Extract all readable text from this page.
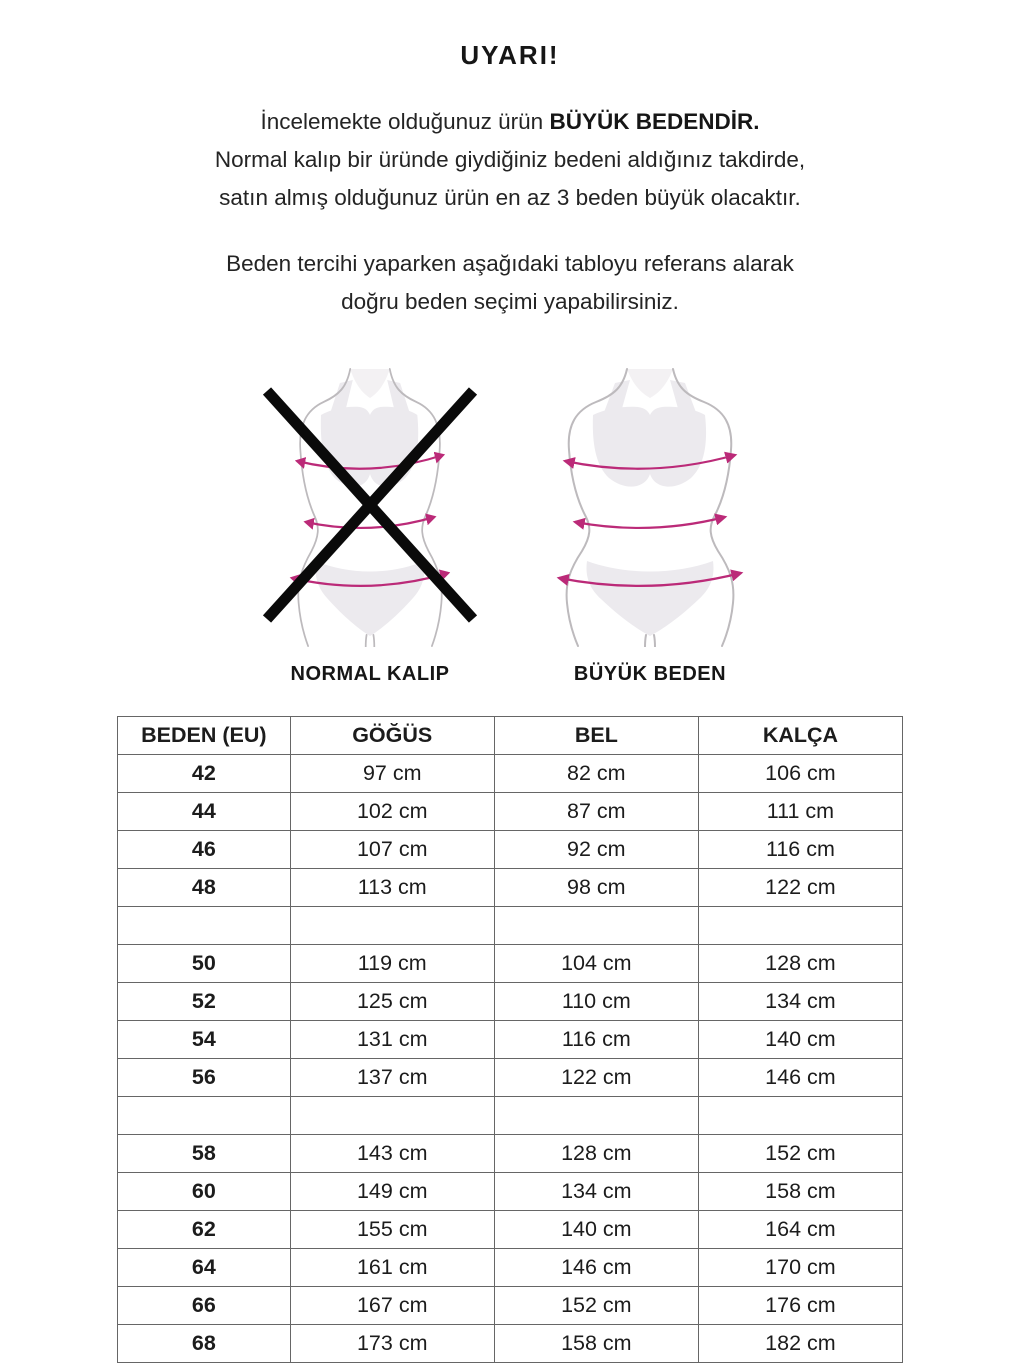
UYARI!
İncelemekte olduğunuz ürün BÜYÜK BEDENDİR.
Normal kalıp bir üründe giydiğiniz bedeni aldığınız takdirde,
satın almış olduğunuz ürün en az 3 beden büyük olacaktır.
Beden tercihi yaparken aşağıdaki tabloyu referans alarak
doğru beden seçimi yapabilirsiniz.
NORMAL KALIP	BÜYÜK BEDEN
BEDEN (EU)	GÖĞÜS	BEL	KALÇA
42	97 cm	82 cm	106 cm
44	102 cm	87 cm	111 cm
46	107 cm	92 cm	116 cm
48	113 cm	98 cm	122 cm

50	119 cm	104 cm	128 cm
52	125 cm	110 cm	134 cm
54	131 cm	116 cm	140 cm
56	137 cm	122 cm	146 cm

58	143 cm	128 cm	152 cm
60	149 cm	134 cm	158 cm
62	155 cm	140 cm	164 cm
64	161 cm	146 cm	170 cm
66	167 cm	152 cm	176 cm
68	173 cm	158 cm	182 cm
